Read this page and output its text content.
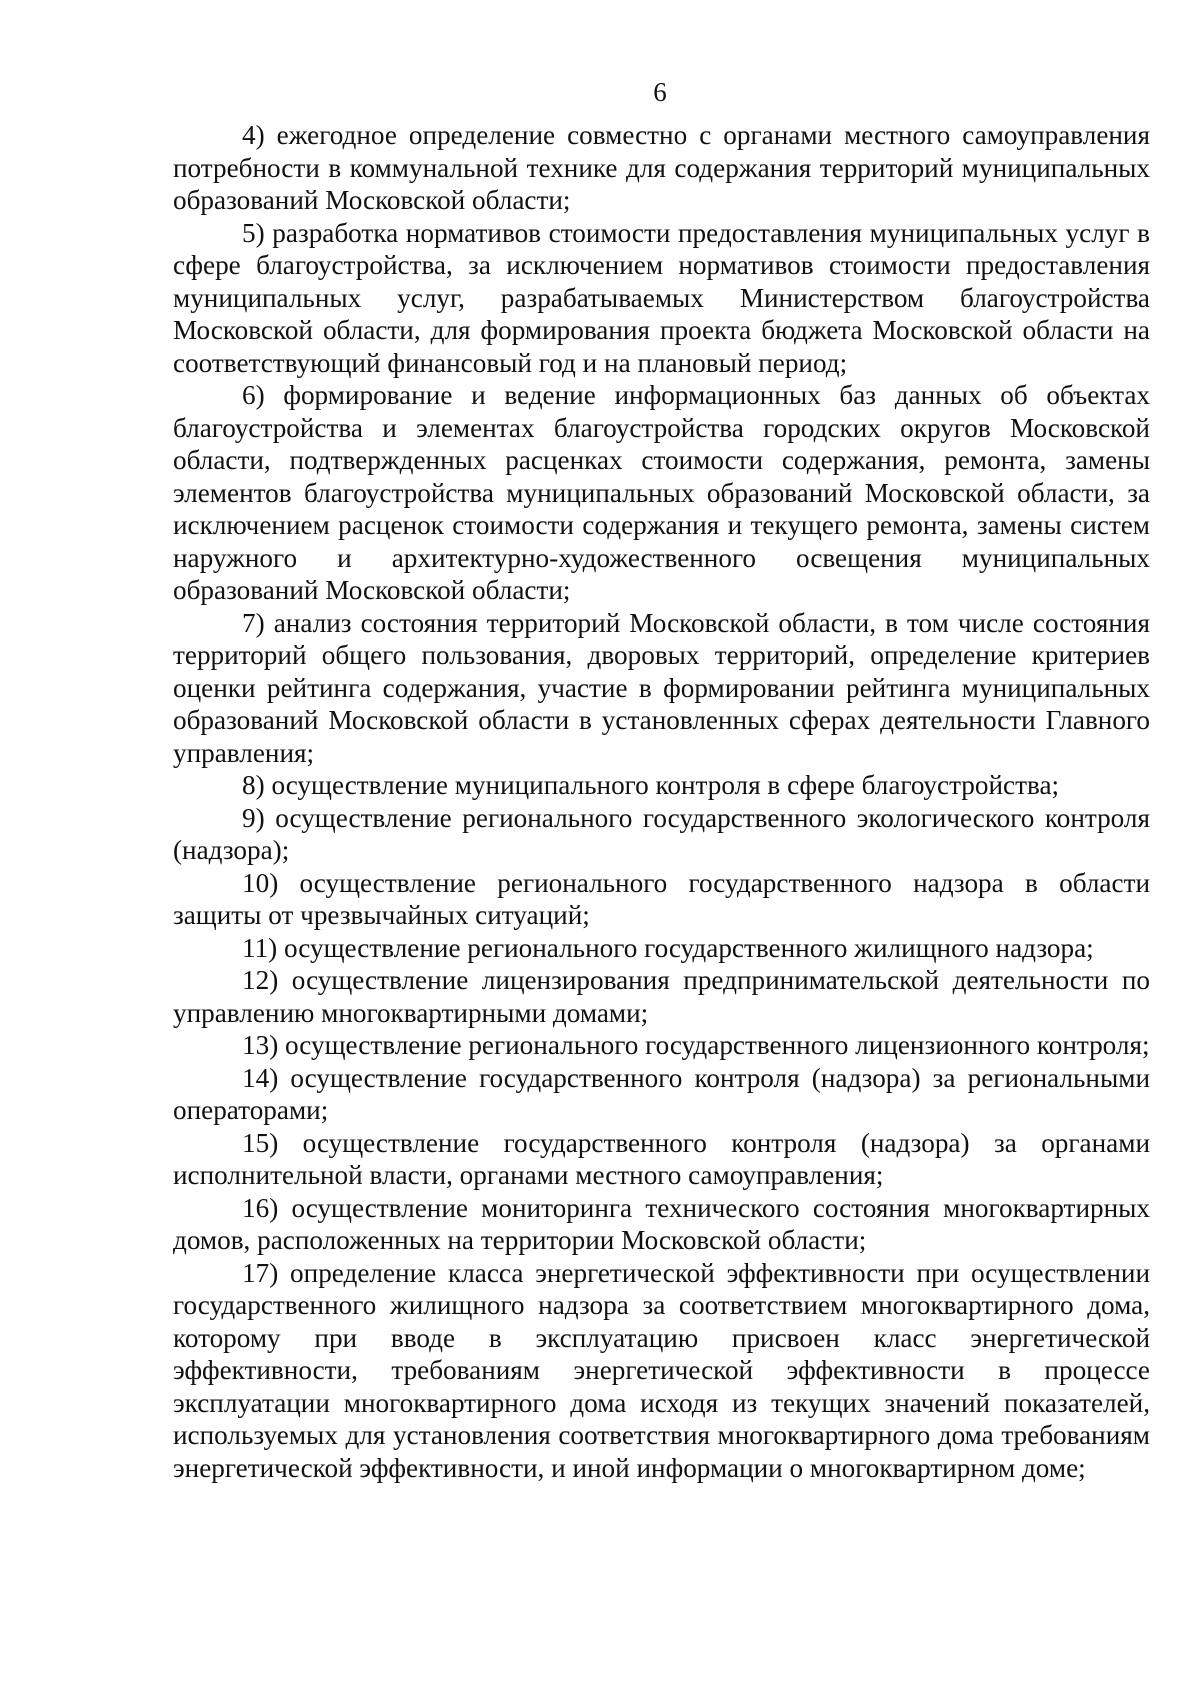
6

4) ежегодное определение совместно с органами местного самоуправления потребности в коммунальной технике для содержания территорий муниципальных образований Московской области;

5) разработка нормативов стоимости предоставления муниципальных услуг в сфере благоустройства, за исключением нормативов стоимости предоставления муниципальных услуг, разрабатываемых Министерством благоустройства Московской области, для формирования проекта бюджета Московской области на соответствующий финансовый год и на плановый период;

6) формирование и ведение информационных баз данных об объектах благоустройства и элементах благоустройства городских округов Московской области, подтвержденных расценках стоимости содержания, ремонта, замены элементов благоустройства муниципальных образований Московской области, за исключением расценок стоимости содержания и текущего ремонта, замены систем наружного и архитектурно-художественного освещения муниципальных образований Московской области;

7) анализ состояния территорий Московской области, в том числе состояния территорий общего пользования, дворовых территорий, определение критериев оценки рейтинга содержания, участие в формировании рейтинга муниципальных образований Московской области в установленных сферах деятельности Главного управления;

8) осуществление муниципального контроля в сфере благоустройства;

9) осуществление регионального государственного экологического контроля (надзора);

10) осуществление регионального государственного надзора в области защиты от чрезвычайных ситуаций;

11) осуществление регионального государственного жилищного надзора;

12) осуществление лицензирования предпринимательской деятельности по управлению многоквартирными домами;

13) осуществление регионального государственного лицензионного контроля;

14) осуществление государственного контроля (надзора) за региональными операторами;

15) осуществление государственного контроля (надзора) за органами исполнительной власти, органами местного самоуправления;

16) осуществление мониторинга технического состояния многоквартирных домов, расположенных на территории Московской области;

17) определение класса энергетической эффективности при осуществлении государственного жилищного надзора за соответствием многоквартирного дома, которому при вводе в эксплуатацию присвоен класс энергетической эффективности, требованиям энергетической эффективности в процессе эксплуатации многоквартирного дома исходя из текущих значений показателей, используемых для установления соответствия многоквартирного дома требованиям энергетической эффективности, и иной информации о многоквартирном доме;
